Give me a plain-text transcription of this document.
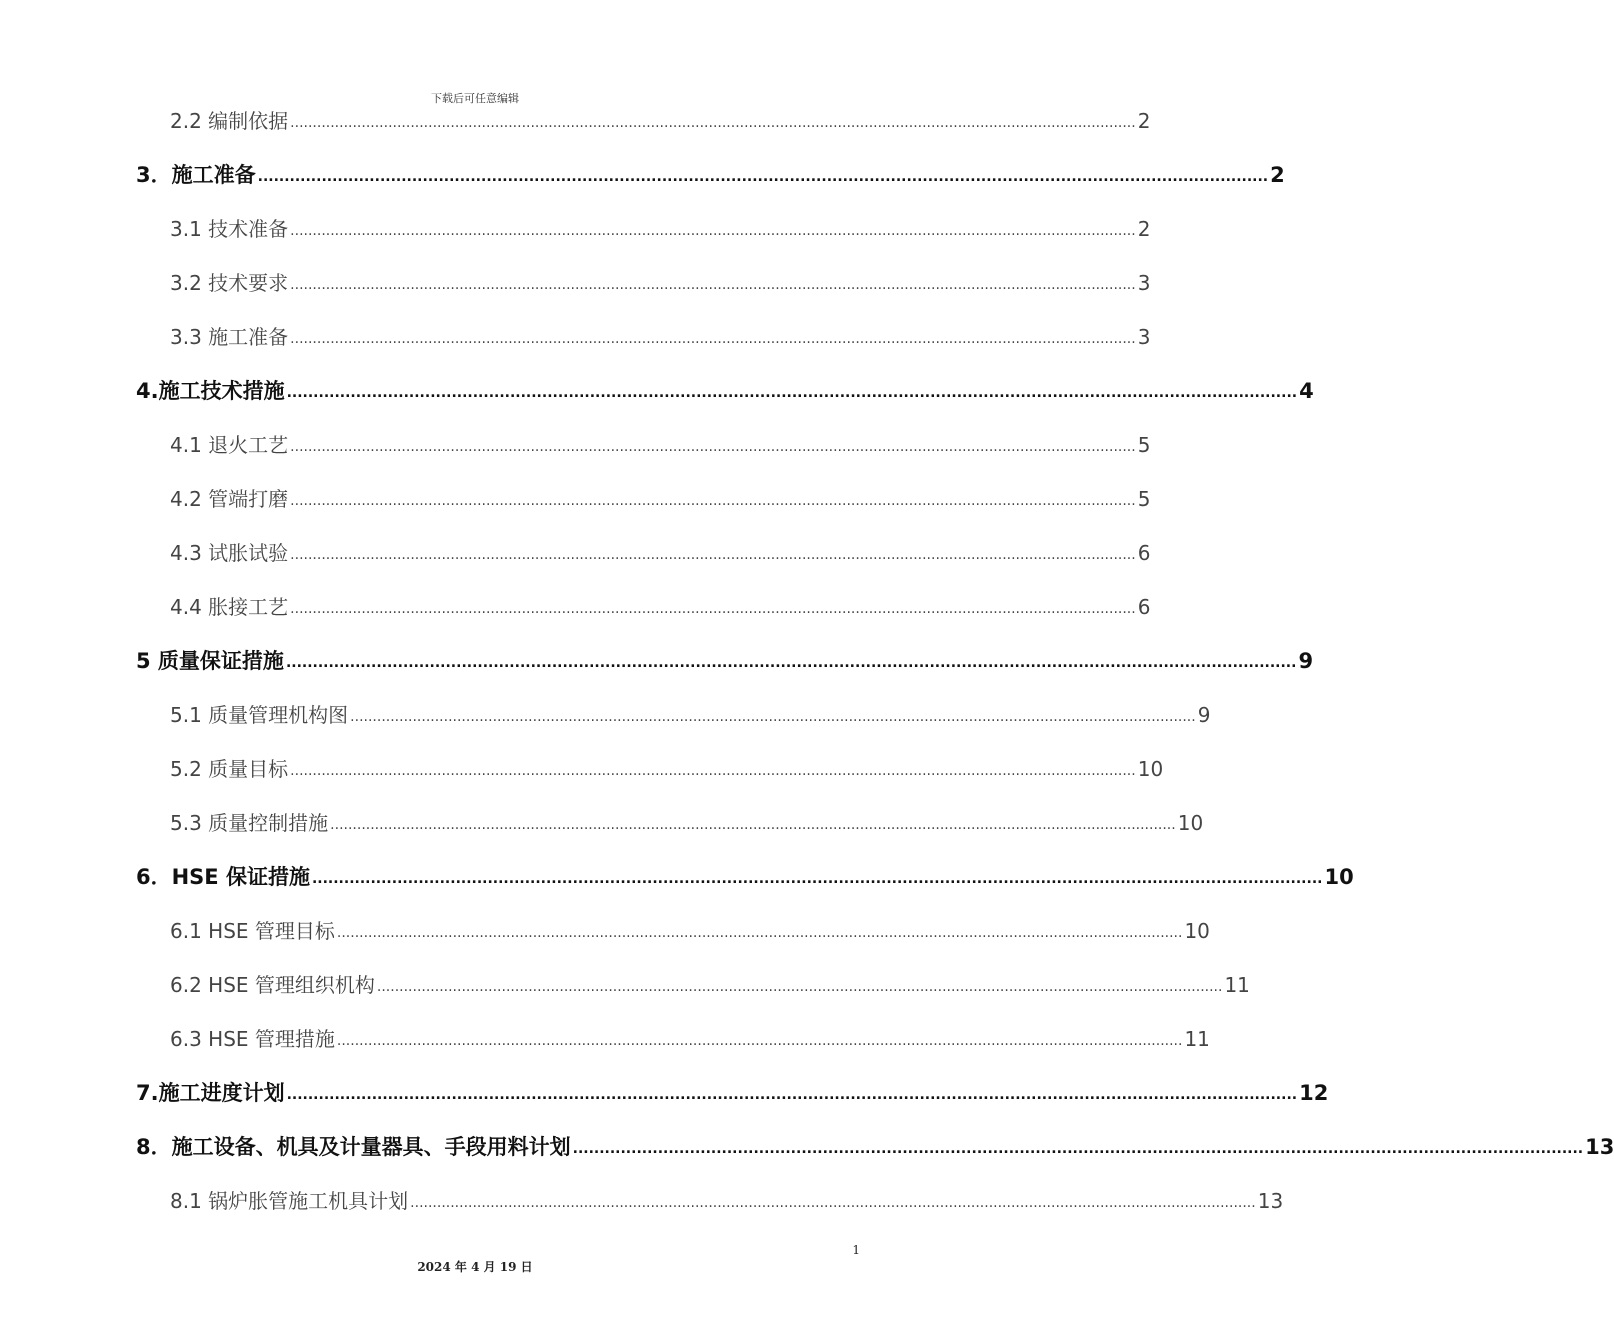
下载后可任意编辑
2.2 编制依据 .............................................................................................................................................................................................. 2
3．施工准备 .............................................................................................................................................................................................. 2
3.1 技术准备 .............................................................................................................................................................................................. 2
3.2 技术要求 .............................................................................................................................................................................................. 3
3.3 施工准备 .............................................................................................................................................................................................. 3
4.施工技术措施 .............................................................................................................................................................................................. 4
4.1 退火工艺 .............................................................................................................................................................................................. 5
4.2 管端打磨 .............................................................................................................................................................................................. 5
4.3 试胀试验 .............................................................................................................................................................................................. 6
4.4 胀接工艺 .............................................................................................................................................................................................. 6
5 质量保证措施 .............................................................................................................................................................................................. 9
5.1 质量管理机构图 .............................................................................................................................................................................................. 9
5.2 质量目标 .............................................................................................................................................................................................. 10
5.3 质量控制措施 .............................................................................................................................................................................................. 10
6．HSE 保证措施 .............................................................................................................................................................................................. 10
6.1 HSE 管理目标 .............................................................................................................................................................................................. 10
6.2 HSE 管理组织机构 .............................................................................................................................................................................................. 11
6.3 HSE 管理措施 .............................................................................................................................................................................................. 11
7.施工进度计划 .............................................................................................................................................................................................. 12
8．施工设备、机具及计量器具、手段用料计划 .............................................................................................................................................................................................. 13
8.1 锅炉胀管施工机具计划 .............................................................................................................................................................................................. 13
1
2024 年 4 月 19 日
